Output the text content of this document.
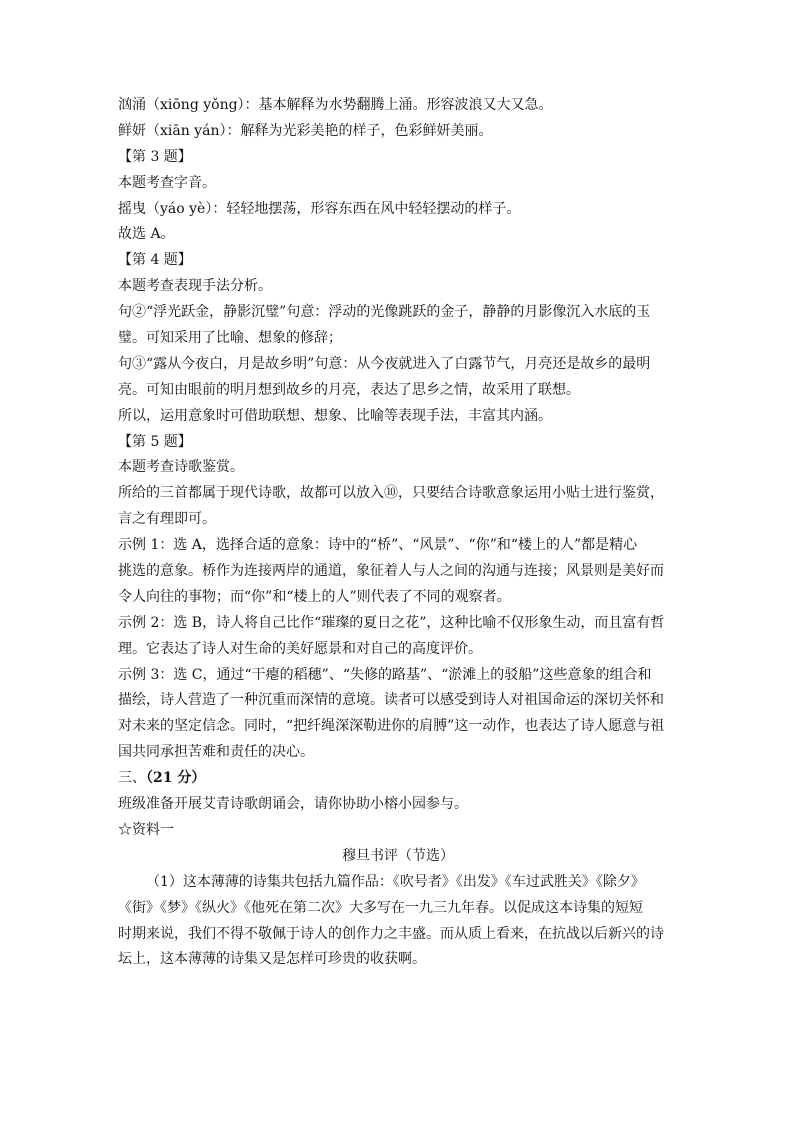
汹涌（xiōng yǒng）：基本解释为水势翻腾上涌。形容波浪又大又急。
鲜妍（xiān yán）：解释为光彩美艳的样子，色彩鲜妍美丽。
【第 3 题】
本题考查字音。
摇曳（yáo yè）：轻轻地摆荡，形容东西在风中轻轻摆动的样子。
故选 A。
【第 4 题】
本题考查表现手法分析。
句②“浮光跃金，静影沉璧”句意：浮动的光像跳跃的金子，静静的月影像沉入水底的玉
璧。可知采用了比喻、想象的修辞；
句③“露从今夜白，月是故乡明”句意：从今夜就进入了白露节气，月亮还是故乡的最明
亮。可知由眼前的明月想到故乡的月亮，表达了思乡之情，故采用了联想。
所以，运用意象时可借助联想、想象、比喻等表现手法，丰富其内涵。
【第 5 题】
本题考查诗歌鉴赏。
所给的三首都属于现代诗歌，故都可以放入⑩，只要结合诗歌意象运用小贴士进行鉴赏，
言之有理即可。
示例 1：选 A，选择合适的意象：诗中的“桥”、“风景”、“你”和“楼上的人”都是精心
挑选的意象。桥作为连接两岸的通道，象征着人与人之间的沟通与连接；风景则是美好而
令人向往的事物；而“你”和“楼上的人”则代表了不同的观察者。
示例 2：选 B，诗人将自己比作“璀璨的夏日之花”，这种比喻不仅形象生动，而且富有哲
理。它表达了诗人对生命的美好愿景和对自己的高度评价。
示例 3：选 C，通过“干瘪的稻穗”、“失修的路基”、“淤滩上的驳船”这些意象的组合和
描绘，诗人营造了一种沉重而深情的意境。读者可以感受到诗人对祖国命运的深切关怀和
对未来的坚定信念。同时，“把纤绳深深勒进你的肩膊”这一动作，也表达了诗人愿意与祖
国共同承担苦难和责任的决心。
三、（21 分）
班级准备开展艾青诗歌朗诵会，请你协助小榕小园参与。
☆资料一
穆旦书评（节选）
（1）这本薄薄的诗集共包括九篇作品：《吹号者》《出发》《车过武胜关》《除夕》
《街》《梦》《纵火》《他死在第二次》大多写在一九三九年春。以促成这本诗集的短短
时期来说，我们不得不敬佩于诗人的创作力之丰盛。而从质上看来，在抗战以后新兴的诗
坛上，这本薄薄的诗集又是怎样可珍贵的收获啊。
